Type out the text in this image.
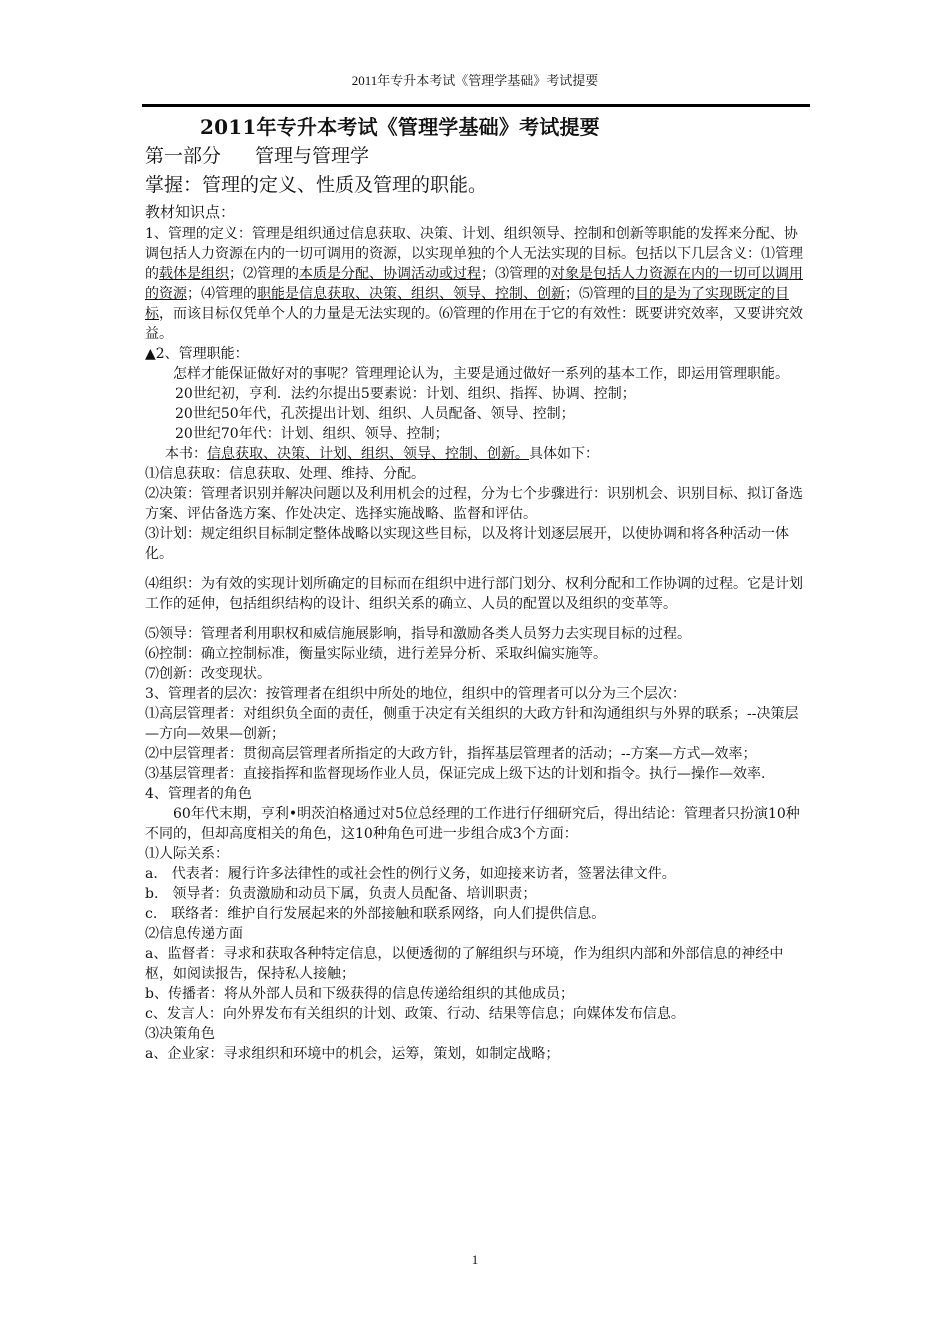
2011年专升本考试《管理学基础》考试提要
2011年专升本考试《管理学基础》考试提要
第一部分 管理与管理学
掌握：管理的定义、性质及管理的职能。
教材知识点：

1、管理的定义：管理是组织通过信息获取、决策、计划、组织领导、控制和创新等职能的发挥来分配、协调包括人力资源在内的一切可调用的资源，以实现单独的个人无法实现的目标。包括以下几层含义：⑴管理的载体是组织；⑵管理的本质是分配、协调活动或过程；⑶管理的对象是包括人力资源在内的一切可以调用的资源；⑷管理的职能是信息获取、决策、组织、领导、控制、创新；⑸管理的目的是为了实现既定的目标，而该目标仅凭单个人的力量是无法实现的。⑹管理的作用在于它的有效性：既要讲究效率，又要讲究效益。

▲2、管理职能：

怎样才能保证做好对的事呢？管理理论认为，主要是通过做好一系列的基本工作，即运用管理职能。

20世纪初，亨利．法约尔提出5要素说：计划、组织、指挥、协调、控制；

20世纪50年代，孔茨提出计划、组织、人员配备、领导、控制；

20世纪70年代：计划、组织、领导、控制；

本书：信息获取、决策、计划、组织、领导、控制、创新。具体如下：

⑴信息获取：信息获取、处理、维持、分配。

⑵决策：管理者识别并解决问题以及利用机会的过程，分为七个步骤进行：识别机会、识别目标、拟订备选方案、评估备选方案、作处决定、选择实施战略、监督和评估。

⑶计划：规定组织目标制定整体战略以实现这些目标，以及将计划逐层展开，以使协调和将各种活动一体化。

⑷组织：为有效的实现计划所确定的目标而在组织中进行部门划分、权利分配和工作协调的过程。它是计划工作的延伸，包括组织结构的设计、组织关系的确立、人员的配置以及组织的变革等。

⑸领导：管理者利用职权和威信施展影响，指导和激励各类人员努力去实现目标的过程。

⑹控制：确立控制标准，衡量实际业绩，进行差异分析、采取纠偏实施等。

⑺创新：改变现状。

3、管理者的层次：按管理者在组织中所处的地位，组织中的管理者可以分为三个层次：

⑴高层管理者：对组织负全面的责任，侧重于决定有关组织的大政方针和沟通组织与外界的联系；--决策层—方向—效果—创新；

⑵中层管理者：贯彻高层管理者所指定的大政方针，指挥基层管理者的活动；--方案—方式—效率；

⑶基层管理者：直接指挥和监督现场作业人员，保证完成上级下达的计划和指令。执行—操作—效率.

4、管理者的角色

60年代末期，亨利•明茨泊格通过对5位总经理的工作进行仔细研究后，得出结论：管理者只扮演10种不同的，但却高度相关的角色，这10种角色可进一步组合成3个方面：

⑴人际关系：

a.　代表者：履行许多法律性的或社会性的例行义务，如迎接来访者，签署法律文件。

b.　领导者：负责激励和动员下属，负责人员配备、培训职责；

c.　联络者：维护自行发展起来的外部接触和联系网络，向人们提供信息。

⑵信息传递方面

a、监督者：寻求和获取各种特定信息，以便透彻的了解组织与环境，作为组织内部和外部信息的神经中枢，如阅读报告，保持私人接触；

b、传播者：将从外部人员和下级获得的信息传递给组织的其他成员；

c、发言人：向外界发布有关组织的计划、政策、行动、结果等信息；向媒体发布信息。

⑶决策角色

a、企业家：寻求组织和环境中的机会，运筹，策划，如制定战略；

1
